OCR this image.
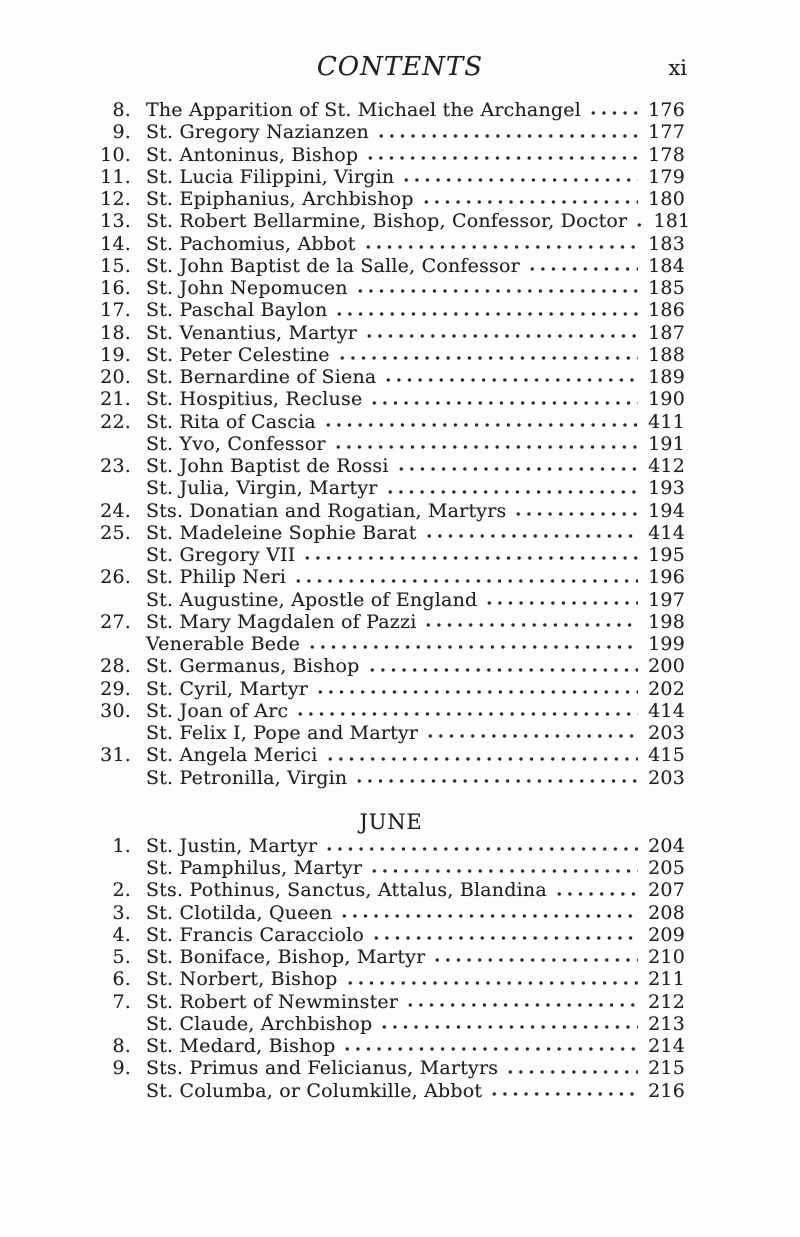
CONTENTS	xi
8. The Apparition of St. Michael the Archangel	176
9. St. Gregory Nazianzen	177
10. St. Antoninus, Bishop	178
11. St. Lucia Filippini, Virgin	179
12. St. Epiphanius, Archbishop	180
13. St. Robert Bellarmine, Bishop, Confessor, Doctor 181
14. St. Pachomius, Abbot	183
15. St. John Baptist de la Salle, Confessor	184
16. St. John Nepomucen	185
17. St. Paschal Baylon	186
18. St. Venantius, Martyr	187
19. St. Peter Celestine	188
20. St. Bernardine of Siena	189
21. St. Hospitius, Recluse	190
22. St. Rita of Cascia	411
St. Yvo, Confessor	191
23. St. John Baptist de Rossi	412
St. Julia, Virgin, Martyr	193
24. Sts. Donatian and Rogatian, Martyrs	194
25. St. Madeleine Sophie Barat	414
St. Gregory VII	195
26. St. Philip Neri	196
St. Augustine, Apostle of England	197
27. St. Mary Magdalen of Pazzi	198
Venerable Bede	199
28. St. Germanus, Bishop	200
29. St. Cyril, Martyr	202
30. St. Joan of Arc	414
St. Felix I, Pope and Martyr	203
31. St. Angela Merici	415
St. Petronilla, Virgin	203
JUNE
1. St. Justin, Martyr	204
St. Pamphilus, Martyr	205
2. Sts. Pothinus, Sanctus, Attalus, Blandina	207
3. St. Clotilda, Queen	208
4. St. Francis Caracciolo	209
5. St. Boniface, Bishop, Martyr	210
6. St. Norbert, Bishop	211
7. St. Robert of Newminster	212
St. Claude, Archbishop	213
8. St. Medard, Bishop	214
9. Sts. Primus and Felicianus, Martyrs	215
St. Columba, or Columkille, Abbot	216
